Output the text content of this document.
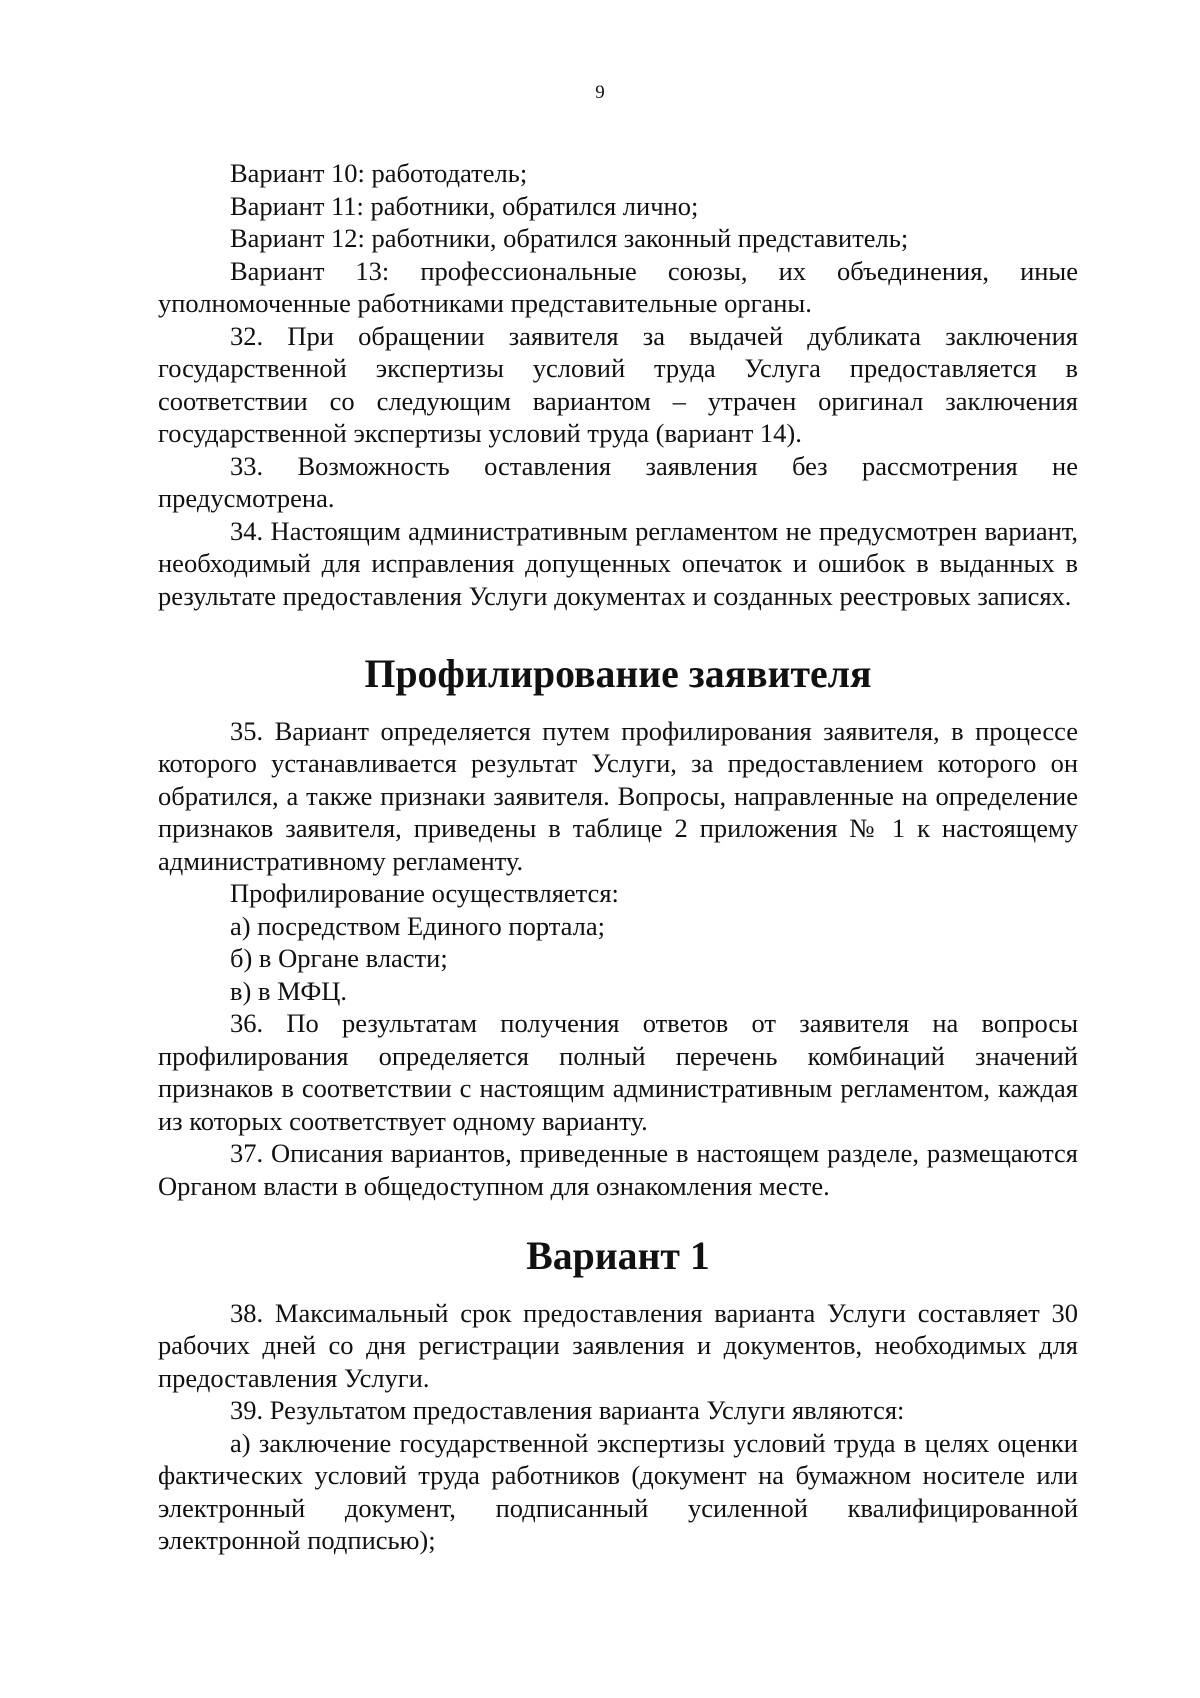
9

Вариант 10: работодатель;

Вариант 11: работники, обратился лично;

Вариант 12: работники, обратился законный представитель;

Вариант 13: профессиональные союзы, их объединения, иные уполномоченные работниками представительные органы.

32. При обращении заявителя за выдачей дубликата заключения государственной экспертизы условий труда Услуга предоставляется в соответствии со следующим вариантом – утрачен оригинал заключения государственной экспертизы условий труда (вариант 14).

33. Возможность оставления заявления без рассмотрения не предусмотрена.

34. Настоящим административным регламентом не предусмотрен вариант, необходимый для исправления допущенных опечаток и ошибок в выданных в результате предоставления Услуги документах и созданных реестровых записях.

Профилирование заявителя

35. Вариант определяется путем профилирования заявителя, в процессе которого устанавливается результат Услуги, за предоставлением которого он обратился, а также признаки заявителя. Вопросы, направленные на определение признаков заявителя, приведены в таблице 2 приложения № 1 к настоящему административному регламенту.

Профилирование осуществляется:

а) посредством Единого портала;

б) в Органе власти;

в) в МФЦ.

36. По результатам получения ответов от заявителя на вопросы профилирования определяется полный перечень комбинаций значений признаков в соответствии с настоящим административным регламентом, каждая из которых соответствует одному варианту.

37. Описания вариантов, приведенные в настоящем разделе, размещаются Органом власти в общедоступном для ознакомления месте.

Вариант 1

38. Максимальный срок предоставления варианта Услуги составляет 30 рабочих дней со дня регистрации заявления и документов, необходимых для предоставления Услуги.

39. Результатом предоставления варианта Услуги являются:

а) заключение государственной экспертизы условий труда в целях оценки фактических условий труда работников (документ на бумажном носителе или электронный документ, подписанный усиленной квалифицированной электронной подписью);
